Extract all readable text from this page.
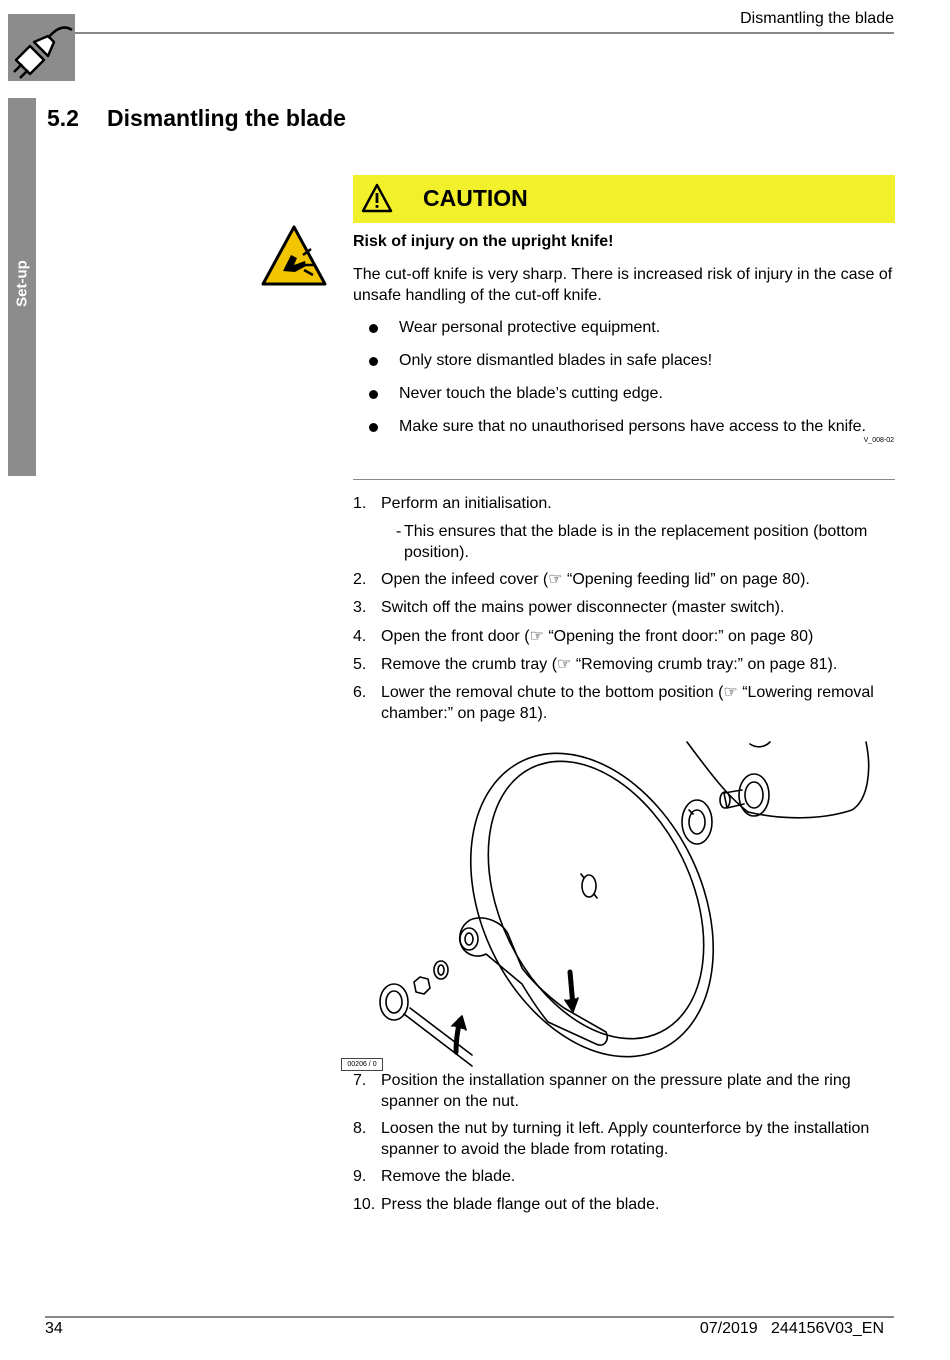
Dismantling the blade
Set-up
5.2 Dismantling the blade
CAUTION
Risk of injury on the upright knife!
The cut-off knife is very sharp. There is increased risk of injury in the case of unsafe handling of the cut-off knife.
Wear personal protective equipment.
Only store dismantled blades in safe places!
Never touch the blade’s cutting edge.
Make sure that no unauthorised persons have access to the knife.
V_008-02
1. Perform an initialisation.
- This ensures that the blade is in the replacement position (bottom position).
2. Open the infeed cover (☞ “Opening feeding lid” on page 80).
3. Switch off the mains power disconnecter (master switch).
4. Open the front door (☞ “Opening the front door:” on page 80)
5. Remove the crumb tray (☞ “Removing crumb tray:” on page 81).
6. Lower the removal chute to the bottom position (☞ “Lowering removal chamber:” on page 81).
00206 / 0
7. Position the installation spanner on the pressure plate and the ring spanner on the nut.
8. Loosen the nut by turning it left. Apply counterforce by the installation spanner to avoid the blade from rotating.
9. Remove the blade.
10. Press the blade flange out of the blade.
34	07/2019   244156V03_EN
